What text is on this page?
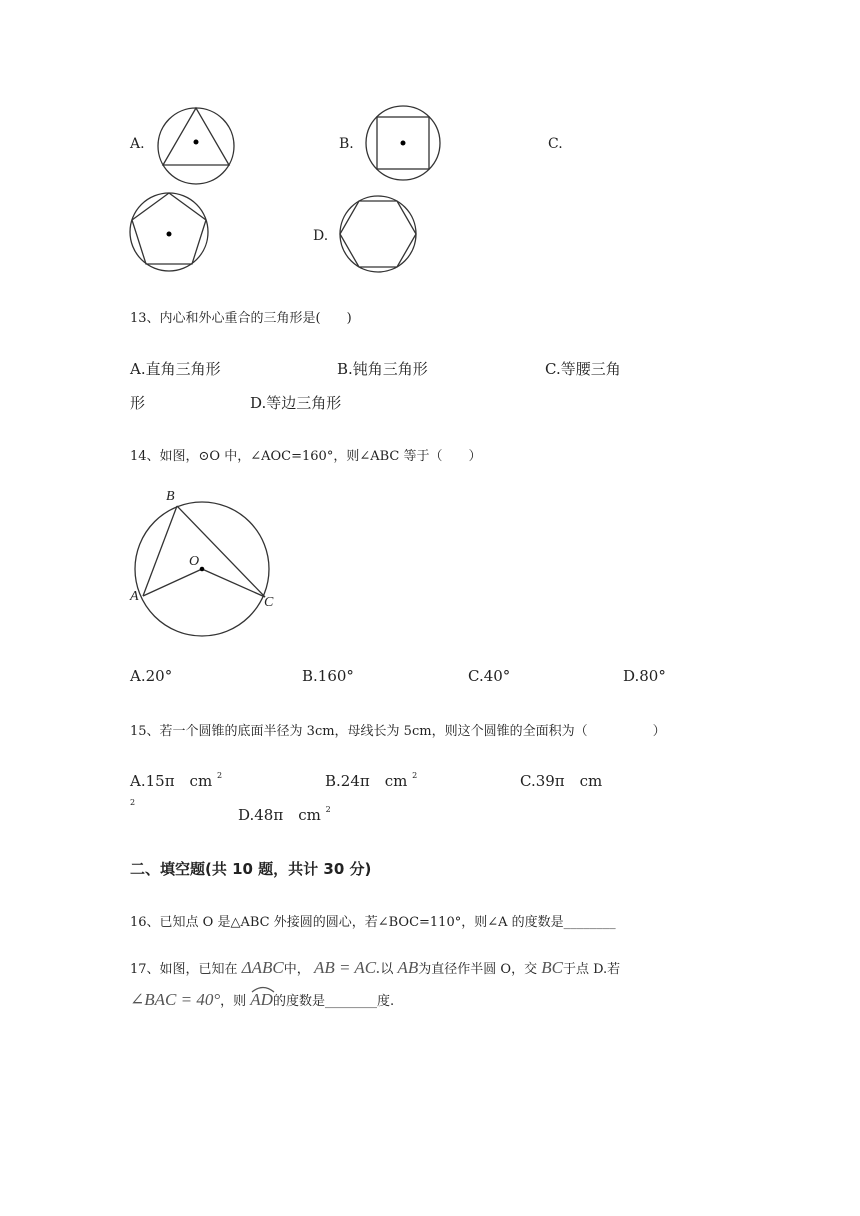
A.	B.	C.
D.
13、内心和外心重合的三角形是(　　)
A.直角三角形	B.钝角三角形	C.等腰三角
形	D.等边三角形
14、如图，⊙O 中，∠AOC=160°，则∠ABC 等于（　　）
B
O
A	C
A.20°	B.160°	C.40°	D.80°
15、若一个圆锥的底面半径为 3cm，母线长为 5cm，则这个圆锥的全面积为（　　　　　）
A.15π　cm $^2$	B.24π　cm $^2$	C.39π　cm
2
D.48π　cm $^2$
二、填空题(共 10 题，共计 30 分)
16、已知点 O 是△ABC 外接圆的圆心，若∠BOC=110°，则∠A 的度数是________
17、如图，已知在 ΔABC中， AB = AC.以 AB为直径作半圆 O，交 BC于点 D.若
∠BAC = 40°，则 AD的度数是________度.
